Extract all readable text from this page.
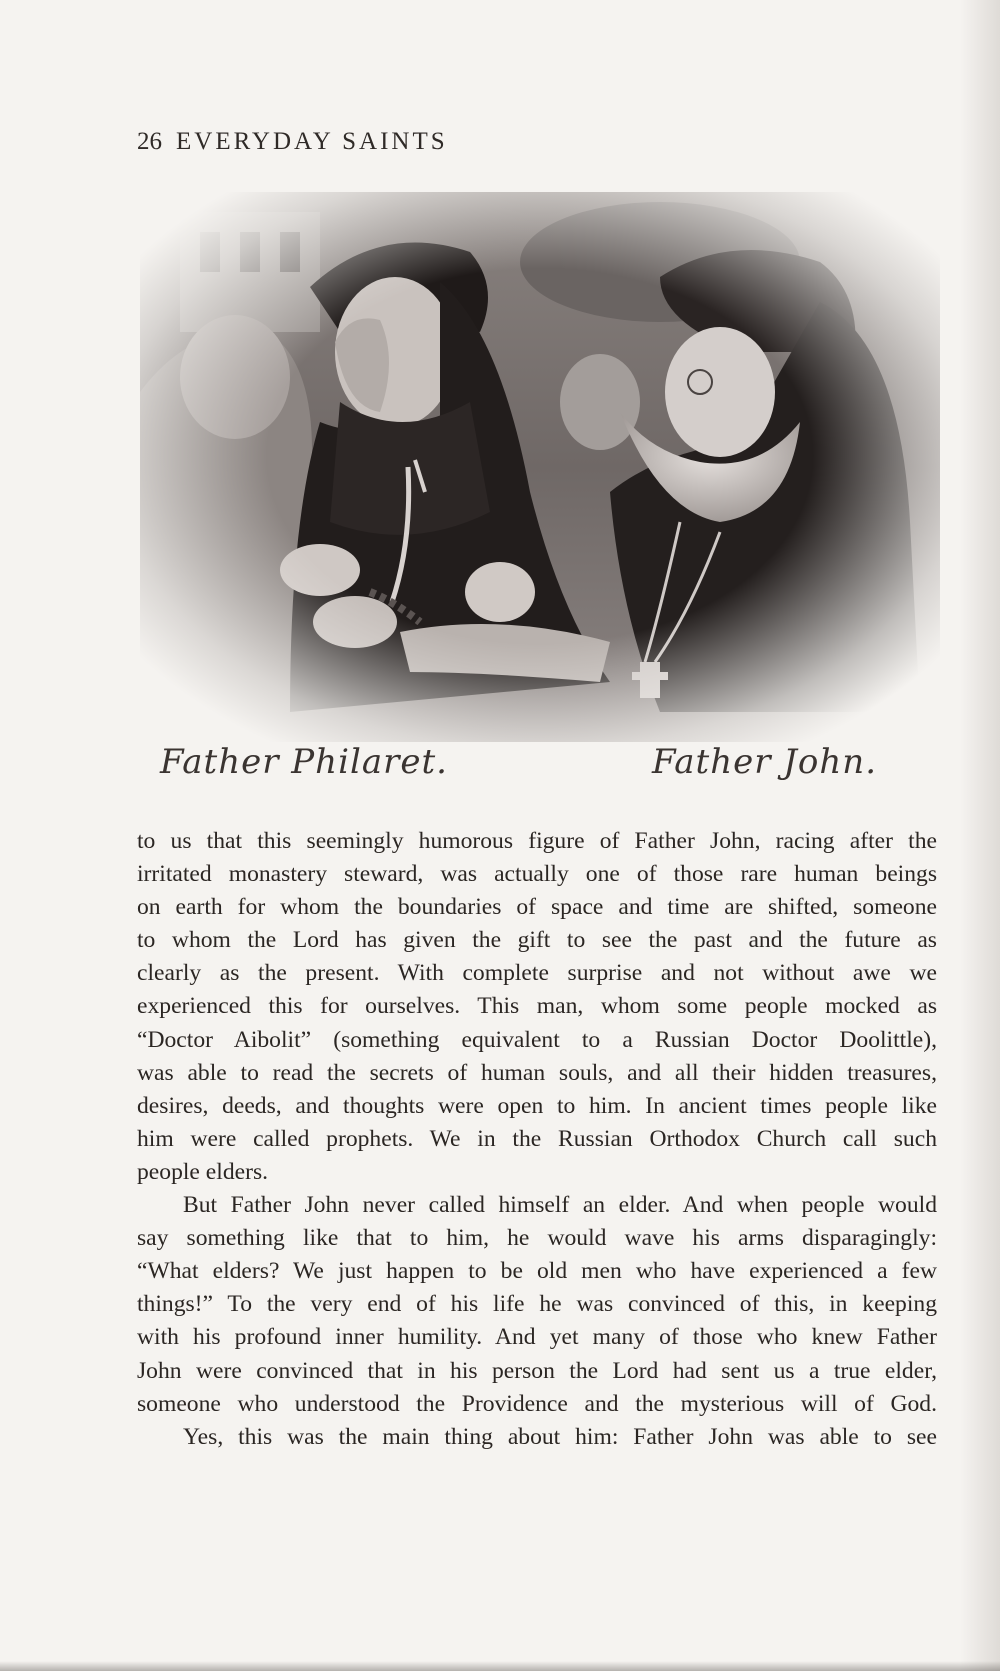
26 EVERYDAY SAINTS
Father Philaret.	Father John.
to us that this seemingly humorous figure of Father John, racing after the
irritated monastery steward, was actually one of those rare human beings
on earth for whom the boundaries of space and time are shifted, someone
to whom the Lord has given the gift to see the past and the future as
clearly as the present. With complete surprise and not without awe we
experienced this for ourselves. This man, whom some people mocked as
“Doctor Aibolit” (something equivalent to a Russian Doctor Doolittle),
was able to read the secrets of human souls, and all their hidden treasures,
desires, deeds, and thoughts were open to him. In ancient times people like
him were called prophets. We in the Russian Orthodox Church call such
people elders.
But Father John never called himself an elder. And when people would
say something like that to him, he would wave his arms disparagingly:
“What elders? We just happen to be old men who have experienced a few
things!” To the very end of his life he was convinced of this, in keeping
with his profound inner humility. And yet many of those who knew Father
John were convinced that in his person the Lord had sent us a true elder,
someone who understood the Providence and the mysterious will of God.
Yes, this was the main thing about him: Father John was able to see
